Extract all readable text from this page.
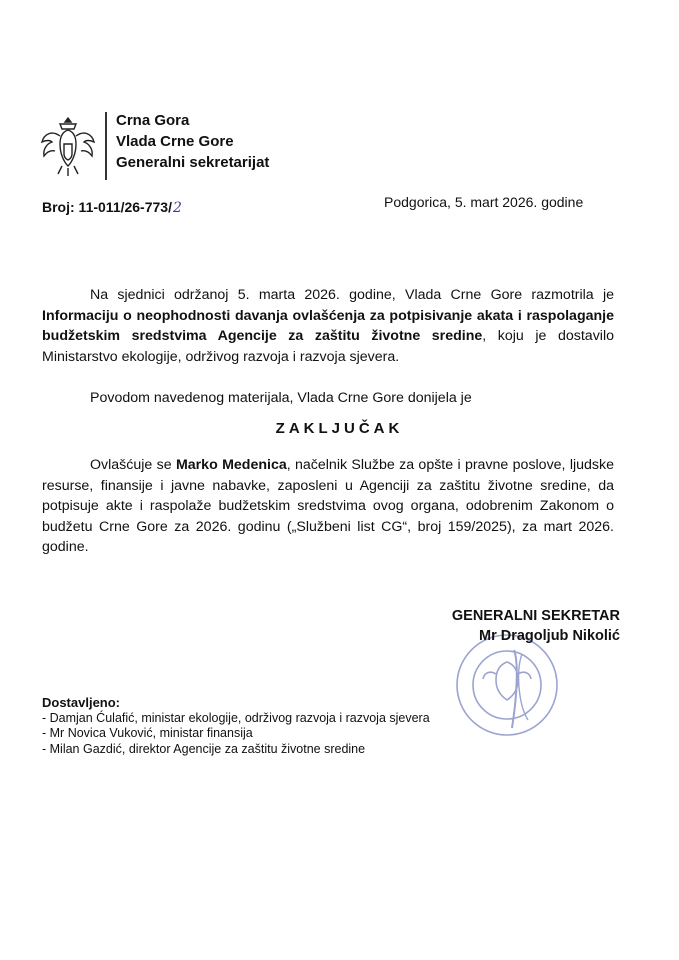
Crna Gora
Vlada Crne Gore
Generalni sekretarijat
Broj: 11-011/26-773/2	Podgorica, 5. mart 2026. godine
Na sjednici održanoj 5. marta 2026. godine, Vlada Crne Gore razmotrila je Informaciju o neophodnosti davanja ovlašćenja za potpisivanje akata i raspolaganje budžetskim sredstvima Agencije za zaštitu životne sredine, koju je dostavilo Ministarstvo ekologije, održivog razvoja i razvoja sjevera.
Povodom navedenog materijala, Vlada Crne Gore donijela je
ZAKLJUČAK
Ovlašćuje se Marko Medenica, načelnik Službe za opšte i pravne poslove, ljudske resurse, finansije i javne nabavke, zaposleni u Agenciji za zaštitu životne sredine, da potpisuje akte i raspolaže budžetskim sredstvima ovog organa, odobrenim Zakonom o budžetu Crne Gore za 2026. godinu („Službeni list CG“, broj 159/2025), za mart 2026. godine.
GENERALNI SEKRETAR
Mr Dragoljub Nikolić
Dostavljeno:
- Damjan Ćulafić, ministar ekologije, održivog razvoja i razvoja sjevera
- Mr Novica Vuković, ministar finansija
- Milan Gazdić, direktor Agencije za zaštitu životne sredine
